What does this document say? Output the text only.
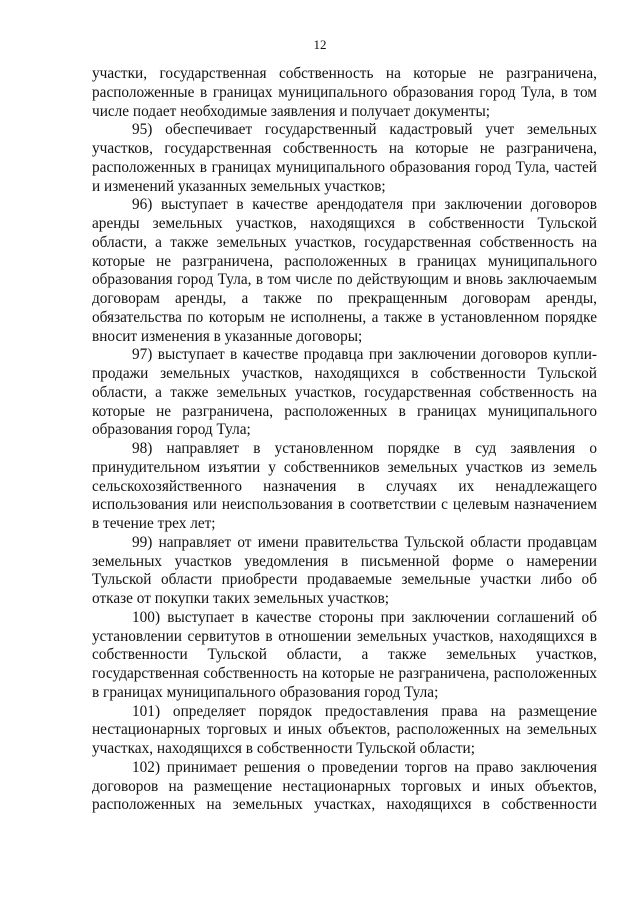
12

участки, государственная собственность на которые не разграничена, расположенные в границах муниципального образования город Тула, в том числе подает необходимые заявления и получает документы;

95) обеспечивает государственный кадастровый учет земельных участков, государственная собственность на которые не разграничена, расположенных в границах муниципального образования город Тула, частей и изменений указанных земельных участков;

96) выступает в качестве арендодателя при заключении договоров аренды земельных участков, находящихся в собственности Тульской области, а также земельных участков, государственная собственность на которые не разграничена, расположенных в границах муниципального образования город Тула, в том числе по действующим и вновь заключаемым договорам аренды, а также по прекращенным договорам аренды, обязательства по которым не исполнены, а также в установленном порядке вносит изменения в указанные договоры;

97) выступает в качестве продавца при заключении договоров купли-продажи земельных участков, находящихся в собственности Тульской области, а также земельных участков, государственная собственность на которые не разграничена, расположенных в границах муниципального образования город Тула;

98) направляет в установленном порядке в суд заявления о принудительном изъятии у собственников земельных участков из земель сельскохозяйственного назначения в случаях их ненадлежащего использования или неиспользования в соответствии с целевым назначением в течение трех лет;

99) направляет от имени правительства Тульской области продавцам земельных участков уведомления в письменной форме о намерении Тульской области приобрести продаваемые земельные участки либо об отказе от покупки таких земельных участков;

100) выступает в качестве стороны при заключении соглашений об установлении сервитутов в отношении земельных участков, находящихся в собственности Тульской области, а также земельных участков, государственная собственность на которые не разграничена, расположенных в границах муниципального образования город Тула;

101) определяет порядок предоставления права на размещение нестационарных торговых и иных объектов, расположенных на земельных участках, находящихся в собственности Тульской области;

102) принимает решения о проведении торгов на право заключения договоров на размещение нестационарных торговых и иных объектов, расположенных на земельных участках, находящихся в собственности
